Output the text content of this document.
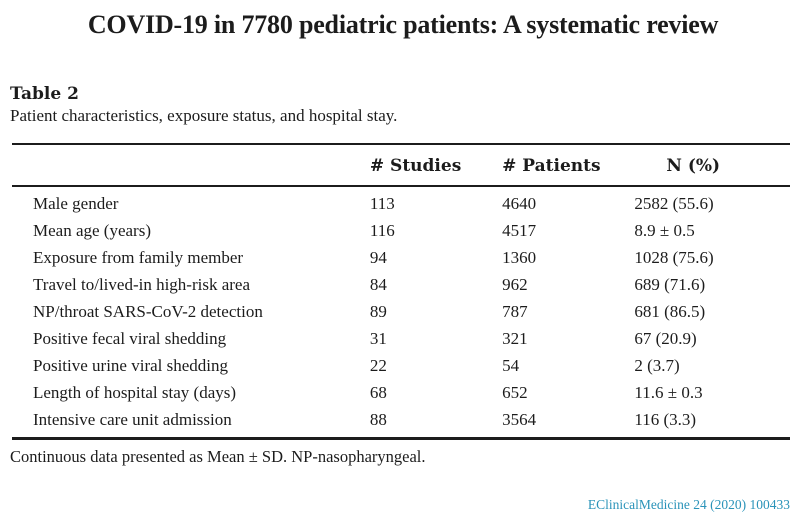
COVID-19 in 7780 pediatric patients: A systematic review
Table 2
Patient characteristics, exposure status, and hospital stay.
	# Studies	# Patients	N (%)
Male gender	113	4640	2582 (55.6)
Mean age (years)	116	4517	8.9 ± 0.5
Exposure from family member	94	1360	1028 (75.6)
Travel to/lived-in high-risk area	84	962	689 (71.6)
NP/throat SARS-CoV-2 detection	89	787	681 (86.5)
Positive fecal viral shedding	31	321	67 (20.9)
Positive urine viral shedding	22	54	2 (3.7)
Length of hospital stay (days)	68	652	11.6 ± 0.3
Intensive care unit admission	88	3564	116 (3.3)
Continuous data presented as Mean ± SD. NP-nasopharyngeal.
EClinicalMedicine 24 (2020) 100433
